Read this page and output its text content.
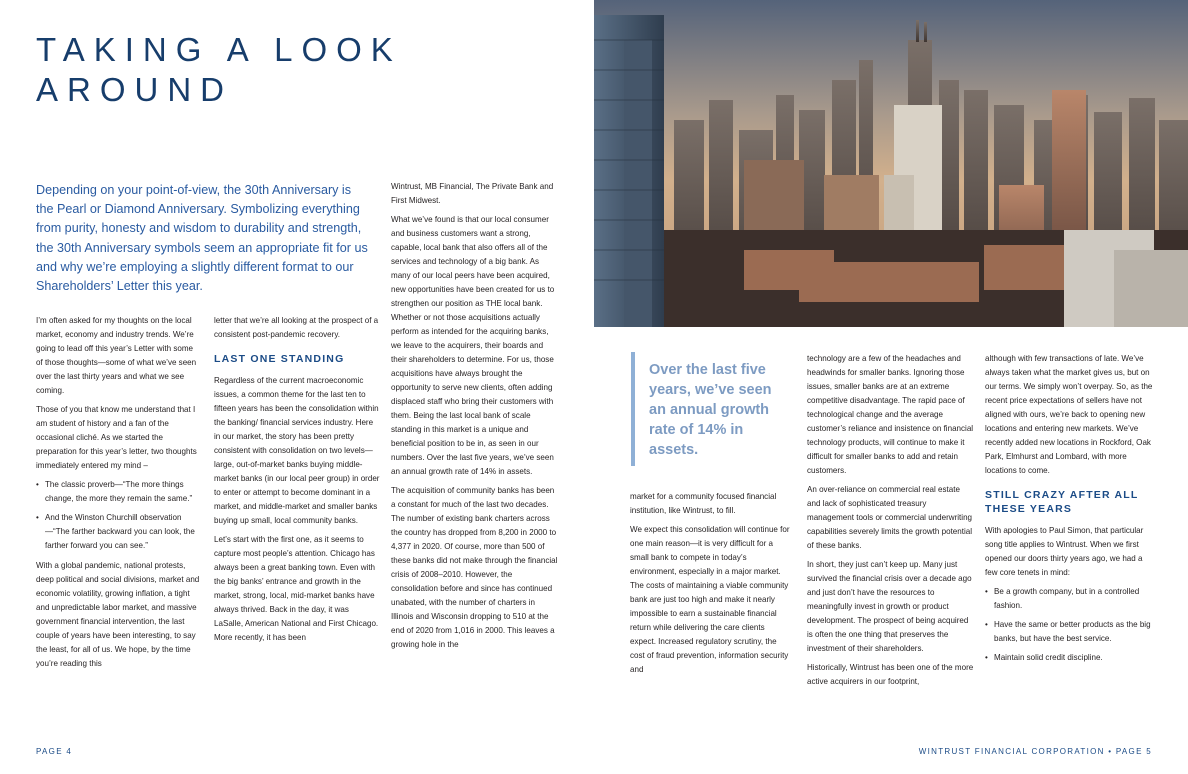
TAKING A LOOK
AROUND

Depending on your point-of-view, the 30th Anniversary is the Pearl or Diamond Anniversary. Symbolizing everything from purity, honesty and wisdom to durability and strength, the 30th Anniversary symbols seem an appropriate fit for us and why we’re employing a slightly different format to our Shareholders’ Letter this year.

I’m often asked for my thoughts on the local market, economy and industry trends. We’re going to lead off this year’s Letter with some of those thoughts—some of what we’ve seen over the last thirty years and what we see coming.

Those of you that know me understand that I am student of history and a fan of the occasional cliché. As we started the preparation for this year’s letter, two thoughts immediately entered my mind –

• The classic proverb—“The more things change, the more they remain the same.”
• And the Winston Churchill observation—“The farther backward you can look, the farther forward you can see.”

With a global pandemic, national protests, deep political and social divisions, market and economic volatility, growing inflation, a tight and unpredictable labor market, and massive government financial intervention, the last couple of years have been interesting, to say the least, for all of us. We hope, by the time you’re reading this

letter that we’re all looking at the prospect of a consistent post-pandemic recovery.

LAST ONE STANDING

Regardless of the current macroeconomic issues, a common theme for the last ten to fifteen years has been the consolidation within the banking/ financial services industry. Here in our market, the story has been pretty consistent with consolidation on two levels—large, out-of-market banks buying middle-market banks (in our local peer group) in order to enter or attempt to become dominant in a market, and middle-market and smaller banks buying up small, local community banks.

Let’s start with the first one, as it seems to capture most people’s attention. Chicago has always been a great banking town. Even with the big banks’ entrance and growth in the market, strong, local, mid-market banks have always thrived. Back in the day, it was LaSalle, American National and First Chicago. More recently, it has been

Wintrust, MB Financial, The Private Bank and First Midwest.

What we’ve found is that our local consumer and business customers want a strong, capable, local bank that also offers all of the services and technology of a big bank. As many of our local peers have been acquired, new opportunities have been created for us to strengthen our position as THE local bank. Whether or not those acquisitions actually perform as intended for the acquiring banks, we leave to the acquirers, their boards and their shareholders to determine. For us, those acquisitions have always brought the opportunity to serve new clients, often adding displaced staff who bring their customers with them. Being the last local bank of scale standing in this market is a unique and beneficial position to be in, as seen in our numbers. Over the last five years, we’ve seen an annual growth rate of 14% in assets.

The acquisition of community banks has been a constant for much of the last two decades. The number of existing bank charters across the country has dropped from 8,200 in 2000 to 4,377 in 2020. Of course, more than 500 of these banks did not make through the financial crisis of 2008–2010. However, the consolidation before and since has continued unabated, with the number of charters in Illinois and Wisconsin dropping to 510 at the end of 2020 from 1,016 in 2000. This leaves a growing hole in the

Over the last five years, we’ve seen an annual growth rate of 14% in assets.

market for a community focused financial institution, like Wintrust, to fill.

We expect this consolidation will continue for one main reason—it is very difficult for a small bank to compete in today’s environment, especially in a major market. The costs of maintaining a viable community bank are just too high and make it nearly impossible to earn a sustainable financial return while delivering the care clients expect. Increased regulatory scrutiny, the cost of fraud prevention, information security and

technology are a few of the headaches and headwinds for smaller banks. Ignoring those issues, smaller banks are at an extreme competitive disadvantage. The rapid pace of technological change and the average customer’s reliance and insistence on financial technology products, will continue to make it difficult for smaller banks to add and retain customers.

An over-reliance on commercial real estate and lack of sophisticated treasury management tools or commercial underwriting capabilities severely limits the growth potential of these banks.

In short, they just can’t keep up. Many just survived the financial crisis over a decade ago and just don’t have the resources to meaningfully invest in growth or product development. The prospect of being acquired is often the one thing that preserves the investment of their shareholders.

Historically, Wintrust has been one of the more active acquirers in our footprint,

although with few transactions of late. We’ve always taken what the market gives us, but on our terms. We simply won’t overpay. So, as the recent price expectations of sellers have not aligned with ours, we’re back to opening new locations and entering new markets. We’ve recently added new locations in Rockford, Oak Park, Elmhurst and Lombard, with more locations to come.

STILL CRAZY AFTER ALL THESE YEARS

With apologies to Paul Simon, that particular song title applies to Wintrust. When we first opened our doors thirty years ago, we had a few core tenets in mind:

• Be a growth company, but in a controlled fashion.
• Have the same or better products as the big banks, but have the best service.
• Maintain solid credit discipline.
PAGE 4	WINTRUST FINANCIAL CORPORATION • PAGE 5
